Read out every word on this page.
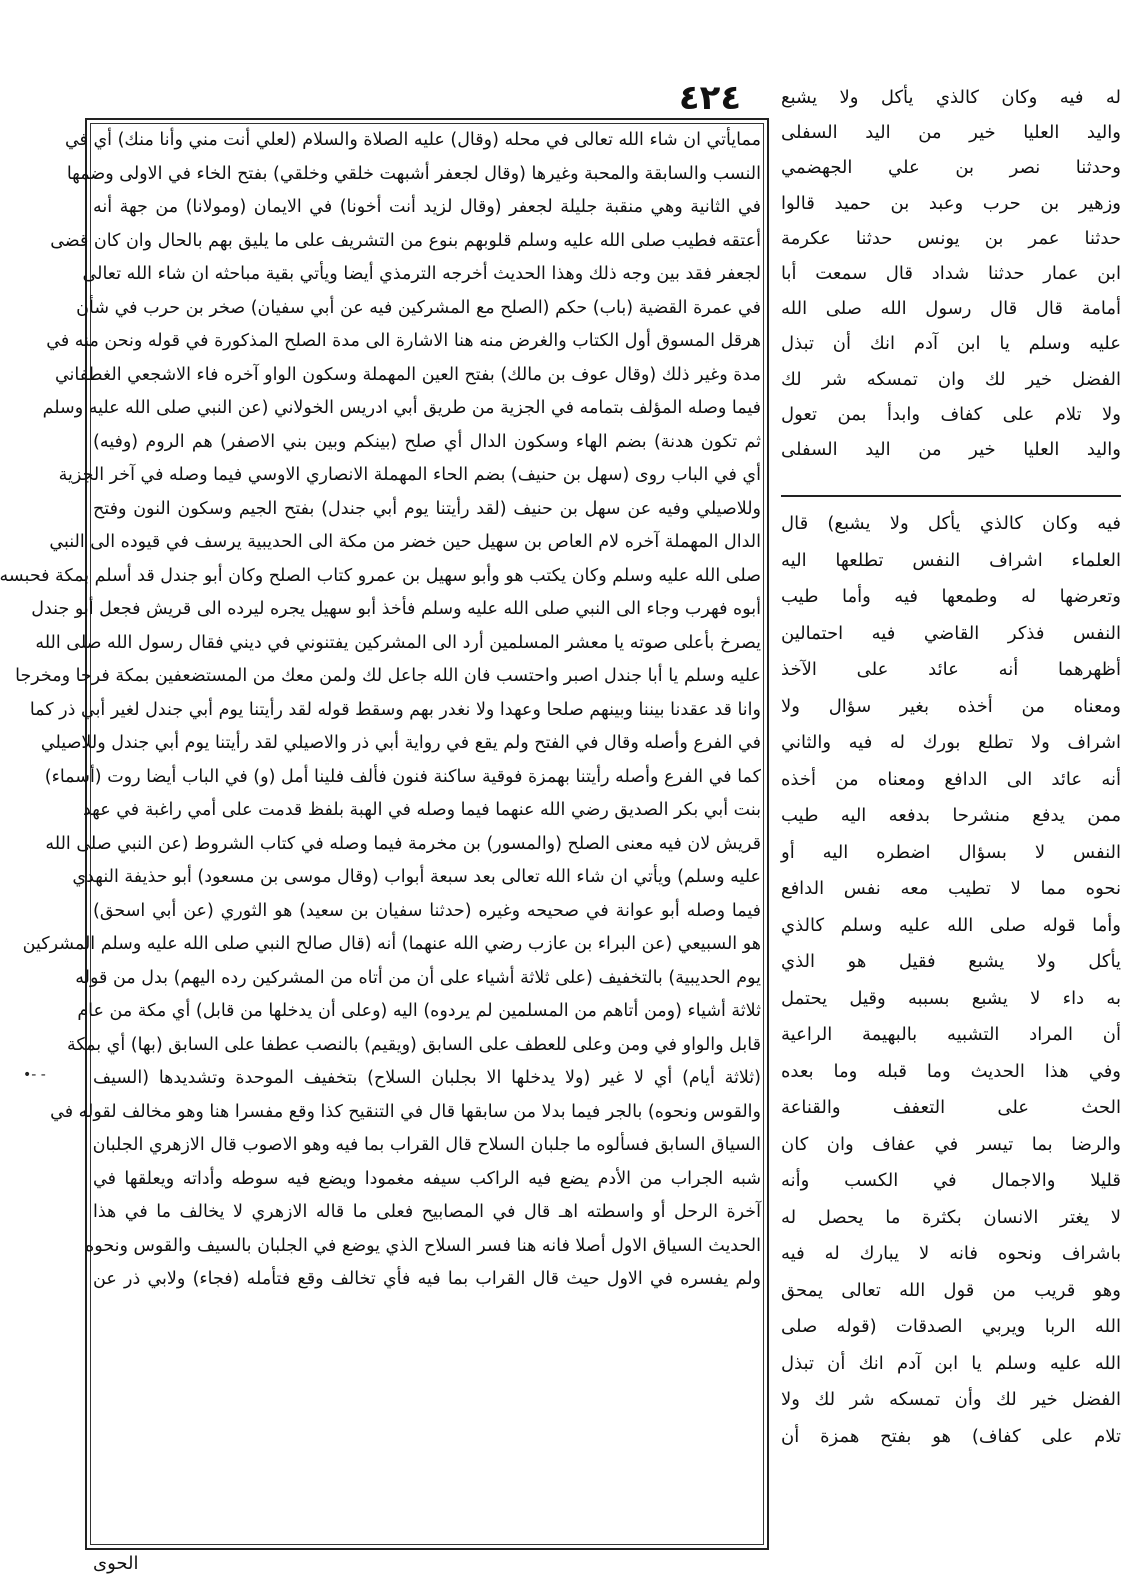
٤٢٤
ممايأتي ان شاء الله تعالى في محله (وقال) عليه الصلاة والسلام (لعلي أنت مني وأنا منك) أي في
النسب والسابقة والمحبة وغيرها (وقال لجعفر أشبهت خلقي وخلقي) بفتح الخاء في الاولى وضمها
في الثانية وهي منقبة جليلة لجعفر (وقال لزيد أنت أخونا) في الايمان (ومولانا) من جهة أنه
أعتقه فطيب صلى الله عليه وسلم قلوبهم بنوع من التشريف على ما يليق بهم بالحال وان كان قضى
لجعفر فقد بين وجه ذلك وهذا الحديث أخرجه الترمذي أيضا ويأتي بقية مباحثه ان شاء الله تعالى
في عمرة القضية (باب) حكم (الصلح مع المشركين فيه عن أبي سفيان) صخر بن حرب في شأن
هرقل المسوق أول الكتاب والغرض منه هنا الاشارة الى مدة الصلح المذكورة في قوله ونحن منه في
مدة وغير ذلك (وقال عوف بن مالك) بفتح العين المهملة وسكون الواو آخره فاء الاشجعي الغطفاني
فيما وصله المؤلف بتمامه في الجزية من طريق أبي ادريس الخولاني (عن النبي صلى الله عليه وسلم
ثم تكون هدنة) بضم الهاء وسكون الدال أي صلح (بينكم وبين بني الاصفر) هم الروم (وفيه)
أي في الباب روى (سهل بن حنيف) بضم الحاء المهملة الانصاري الاوسي فيما وصله في آخر الجزية
وللاصيلي وفيه عن سهل بن حنيف (لقد رأيتنا يوم أبي جندل) بفتح الجيم وسكون النون وفتح
الدال المهملة آخره لام العاص بن سهيل حين خضر من مكة الى الحديبية يرسف في قيوده الى النبي
صلى الله عليه وسلم وكان يكتب هو وأبو سهيل بن عمرو كتاب الصلح وكان أبو جندل قد أسلم بمكة فحبسه
أبوه فهرب وجاء الى النبي صلى الله عليه وسلم فأخذ أبو سهيل يجره ليرده الى قريش فجعل أبو جندل
يصرخ بأعلى صوته يا معشر المسلمين أرد الى المشركين يفتنوني في ديني فقال رسول الله صلى الله
عليه وسلم يا أبا جندل اصبر واحتسب فان الله جاعل لك ولمن معك من المستضعفين بمكة فرجا ومخرجا
وانا قد عقدنا بيننا وبينهم صلحا وعهدا ولا نغدر بهم وسقط قوله لقد رأيتنا يوم أبي جندل لغير أبي ذر كما
في الفرع وأصله وقال في الفتح ولم يقع في رواية أبي ذر والاصيلي لقد رأيتنا يوم أبي جندل وللاصيلي
كما في الفرع وأصله رأيتنا بهمزة فوقية ساكنة فنون فألف فلينا أمل (و) في الباب أيضا روت (أسماء)
بنت أبي بكر الصديق رضي الله عنهما فيما وصله في الهبة بلفظ قدمت على أمي راغبة في عهد
قريش لان فيه معنى الصلح (والمسور) بن مخرمة فيما وصله في كتاب الشروط (عن النبي صلى الله
عليه وسلم) ويأتي ان شاء الله تعالى بعد سبعة أبواب (وقال موسى بن مسعود) أبو حذيفة النهدي
فيما وصله أبو عوانة في صحيحه وغيره (حدثنا سفيان بن سعيد) هو الثوري (عن أبي اسحق)
هو السبيعي (عن البراء بن عازب رضي الله عنهما) أنه (قال صالح النبي صلى الله عليه وسلم المشركين
يوم الحديبية) بالتخفيف (على ثلاثة أشياء على أن من أتاه من المشركين رده اليهم) بدل من قوله
ثلاثة أشياء (ومن أتاهم من المسلمين لم يردوه) اليه (وعلى أن يدخلها من قابل) أي مكة من عام
قابل والواو في ومن وعلى للعطف على السابق (ويقيم) بالنصب عطفا على السابق (بها) أي بمكة
(ثلاثة أيام) أي لا غير (ولا يدخلها الا بجلبان السلاح) بتخفيف الموحدة وتشديدها (السيف
والقوس ونحوه) بالجر فيما بدلا من سابقها قال في التنقيح كذا وقع مفسرا هنا وهو مخالف لقوله في
السياق السابق فسألوه ما جلبان السلاح قال القراب بما فيه وهو الاصوب قال الازهري الجلبان
شبه الجراب من الأدم يضع فيه الراكب سيفه مغمودا ويضع فيه سوطه وأداته ويعلقها في
آخرة الرحل أو واسطته اهـ قال في المصابيح فعلى ما قاله الازهري لا يخالف ما في هذا
الحديث السياق الاول أصلا فانه هنا فسر السلاح الذي يوضع في الجلبان بالسيف والقوس ونحوه
ولم يفسره في الاول حيث قال القراب بما فيه فأي تخالف وقع فتأمله (فجاء) ولابي ذر عن
له فيه وكان كالذي يأكل ولا يشبع
واليد العليا خير من اليد السفلى
وحدثنا نصر بن علي الجهضمي
وزهير بن حرب وعبد بن حميد قالوا
حدثنا عمر بن يونس حدثنا عكرمة
ابن عمار حدثنا شداد قال سمعت أبا
أمامة قال قال رسول الله صلى الله
عليه وسلم يا ابن آدم انك أن تبذل
الفضل خير لك وان تمسكه شر لك
ولا تلام على كفاف وابدأ بمن تعول
واليد العليا خير من اليد السفلى
فيه وكان كالذي يأكل ولا يشبع) قال
العلماء اشراف النفس تطلعها اليه
وتعرضها له وطمعها فيه وأما طيب
النفس فذكر القاضي فيه احتمالين
أظهرهما أنه عائد على الآخذ
ومعناه من أخذه بغير سؤال ولا
اشراف ولا تطلع بورك له فيه والثاني
أنه عائد الى الدافع ومعناه من أخذه
ممن يدفع منشرحا بدفعه اليه طيب
النفس لا بسؤال اضطره اليه أو
نحوه مما لا تطيب معه نفس الدافع
وأما قوله صلى الله عليه وسلم كالذي
يأكل ولا يشبع فقيل هو الذي
به داء لا يشبع بسببه وقيل يحتمل
أن المراد التشبيه بالبهيمة الراعية
وفي هذا الحديث وما قبله وما بعده
الحث على التعفف والقناعة
والرضا بما تيسر في عفاف وان كان
قليلا والاجمال في الكسب وأنه
لا يغتر الانسان بكثرة ما يحصل له
باشراف ونحوه فانه لا يبارك له فيه
وهو قريب من قول الله تعالى يمحق
الله الربا ويربي الصدقات (قوله صلى
الله عليه وسلم يا ابن آدم انك أن تبذل
الفضل خير لك وأن تمسكه شر لك ولا
تلام على كفاف) هو بفتح همزة أن
الحوى
•- -
